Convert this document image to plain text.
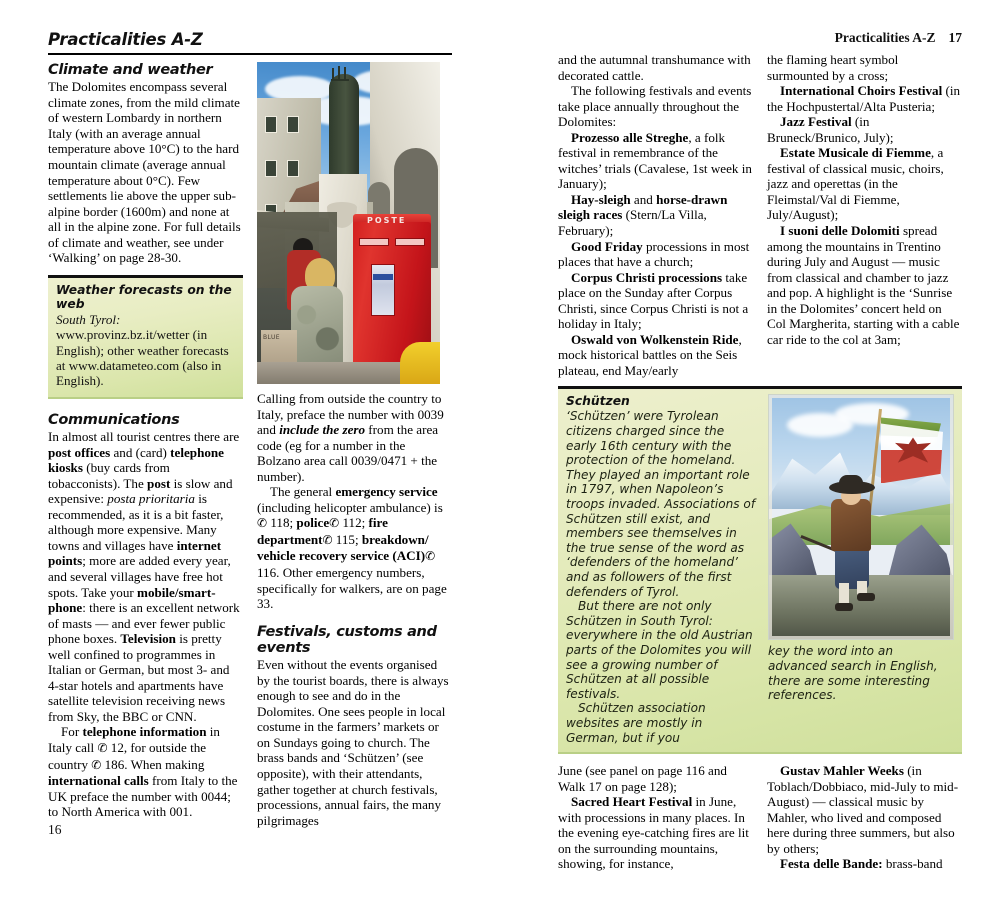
Practicalities A-Z
Climate and weather

The Dolomites encompass several climate zones, from the mild climate of western Lombardy in northern Italy (with an average annual temperature above 10°C) to the hard mountain climate (average annual temperature about 0°C). Few settlements lie above the upper sub-alpine border (1600m) and none at all in the alpine zone. For full details of climate and weather, see under ‘Walking’ on page 28-30.

Weather forecasts on the web

South Tyrol: www.provinz.bz.it/wetter (in English); other weather forecasts at www.datameteo.com (also in English).

Communications

In almost all tourist centres there are post offices and (card) telephone kiosks (buy cards from tobacconists). The post is slow and expensive: posta prioritaria is recommended, as it is a bit faster, although more expensive. Many towns and villages have internet points; more are added every year, and several villages have free hot spots. Take your mobile/smart-phone: there is an excellent network of masts — and ever fewer public phone boxes. Television is pretty well confined to programmes in Italian or German, but most 3- and 4-star hotels and apartments have satellite television receiving news from Sky, the BBC or CNN.

For telephone information in Italy call ✆ 12, for outside the country ✆ 186. When making international calls from Italy to the UK preface the number with 0044; to North America with 001.

16
BLUE
POSTE

Calling from outside the country to Italy, preface the number with 0039 and include the zero from the area code (eg for a number in the Bolzano area call 0039/0471 + the number).

The general emergency service (including helicopter ambulance) is ✆ 118; police✆ 112; fire department✆ 115; breakdown/ vehicle recovery service (ACI)✆ 116. Other emergency numbers, specifically for walkers, are on page 33.

Festivals, customs and events

Even without the events organised by the tourist boards, there is always enough to see and do in the Dolomites. One sees people in local costume in the farmers’ markets or on Sundays going to church. The brass bands and ‘Schützen’ (see opposite), with their attendants, gather together at church festivals, processions, annual fairs, the many pilgrimages

Practicalities A-Z 17

and the autumnal transhumance with decorated cattle.

The following festivals and events take place annually throughout the Dolomites:

Prozesso alle Streghe, a folk festival in remembrance of the witches’ trials (Cavalese, 1st week in January);

Hay-sleigh and horse-drawn sleigh races (Stern/La Villa, February);

Good Friday processions in most places that have a church;

Corpus Christi processions take place on the Sunday after Corpus Christi, since Corpus Christi is not a holiday in Italy;

Oswald von Wolkenstein Ride, mock historical battles on the Seis plateau, end May/early

the flaming heart symbol surmounted by a cross;

International Choirs Festival (in the Hochpustertal/Alta Pusteria;

Jazz Festival (in Bruneck/Brunico, July);

Estate Musicale di Fiemme, a festival of classical music, choirs, jazz and operettas (in the Fleimstal/Val di Fiemme, July/August);

I suoni delle Dolomiti spread among the mountains in Trentino during July and August — music from classical and chamber to jazz and pop. A highlight is the ‘Sunrise in the Dolomites’ concert held on Col Margherita, starting with a cable car ride to the col at 3am;

Schützen

‘Schützen’ were Tyrolean citizens charged since the early 16th century with the protection of the homeland. They played an important role in 1797, when Napoleon’s troops invaded. Associations of Schützen still exist, and members see themselves in the true sense of the word as ‘defenders of the homeland’ and as followers of the first defenders of Tyrol.

But there are not only Schützen in South Tyrol: everywhere in the old Austrian parts of the Dolomites you will see a growing number of Schützen at all possible festivals.

Schützen association websites are mostly in German, but if you

key the word into an advanced search in English, there are some interesting references.

June (see panel on page 116 and Walk 17 on page 128);

Sacred Heart Festival in June, with processions in many places. In the evening eye-catching fires are lit on the surrounding mountains, showing, for instance,

Gustav Mahler Weeks (in Toblach/Dobbiaco, mid-July to mid-August) — classical music by Mahler, who lived and composed here during three summers, but also by others;

Festa delle Bande: brass-band
